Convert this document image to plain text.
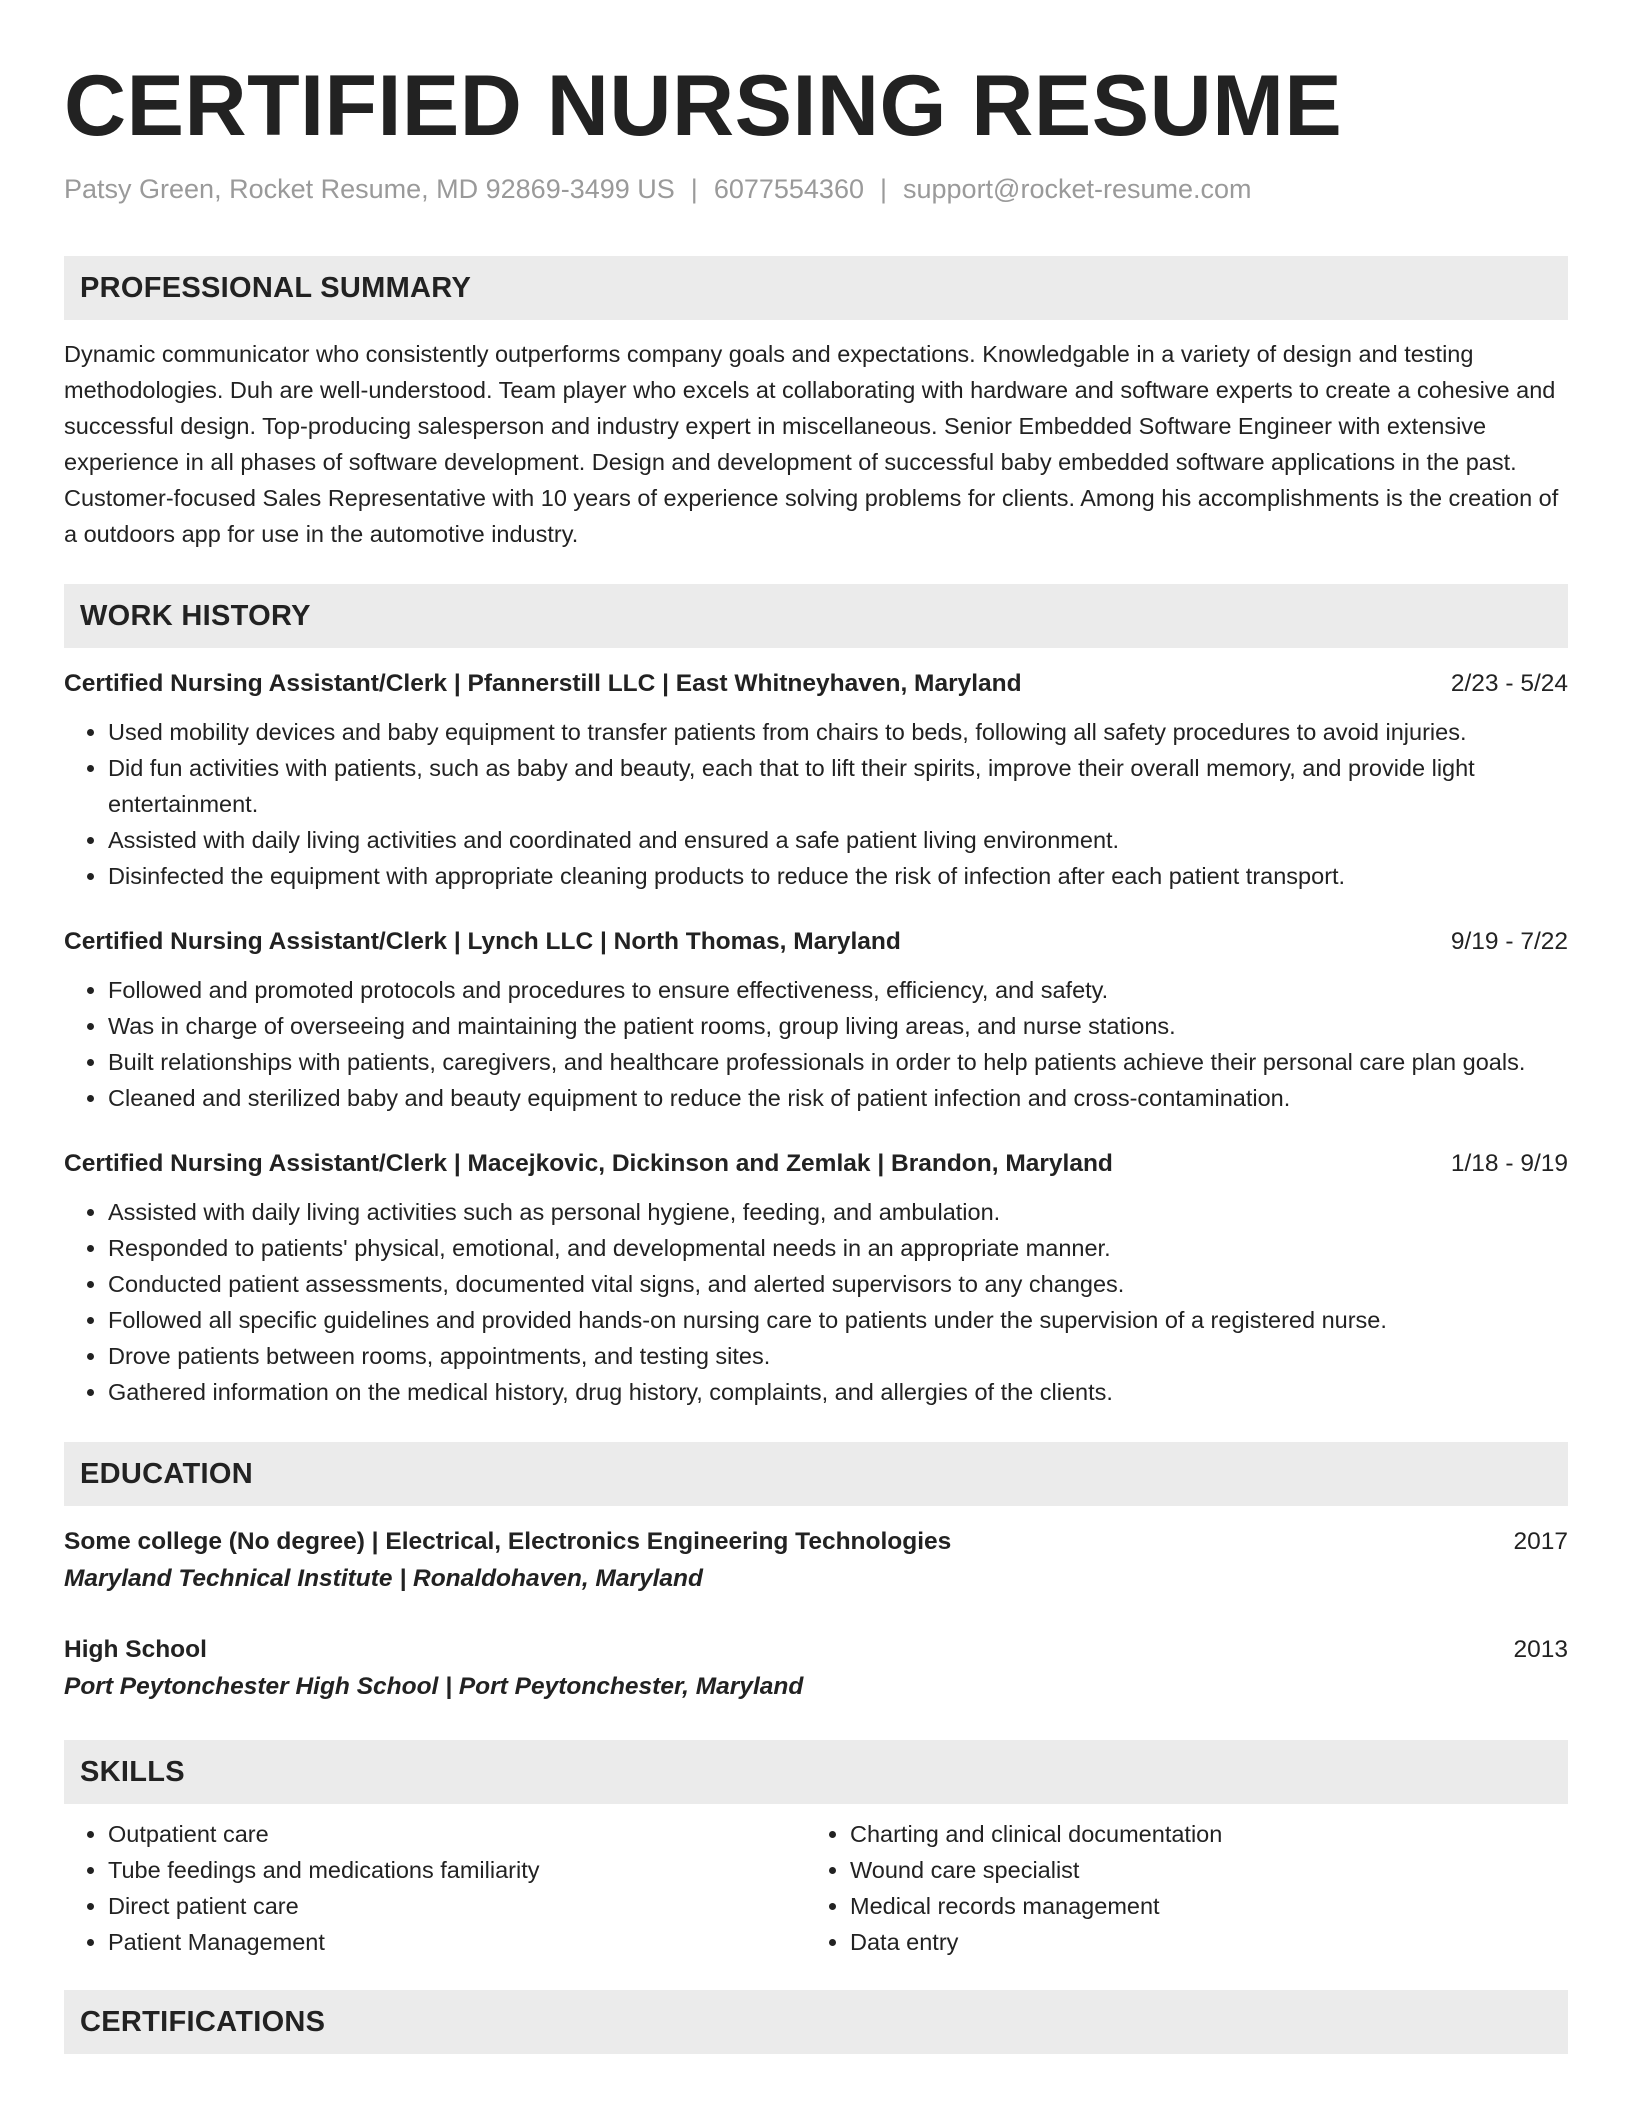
CERTIFIED NURSING RESUME
Patsy Green, Rocket Resume, MD 92869-3499 US | 6077554360 | support@rocket-resume.com
PROFESSIONAL SUMMARY
Dynamic communicator who consistently outperforms company goals and expectations. Knowledgable in a variety of design and testing methodologies. Duh are well-understood. Team player who excels at collaborating with hardware and software experts to create a cohesive and successful design. Top-producing salesperson and industry expert in miscellaneous. Senior Embedded Software Engineer with extensive experience in all phases of software development. Design and development of successful baby embedded software applications in the past. Customer-focused Sales Representative with 10 years of experience solving problems for clients. Among his accomplishments is the creation of a outdoors app for use in the automotive industry.
WORK HISTORY
Certified Nursing Assistant/Clerk | Pfannerstill LLC | East Whitneyhaven, Maryland	2/23 - 5/24
• Used mobility devices and baby equipment to transfer patients from chairs to beds, following all safety procedures to avoid injuries.
• Did fun activities with patients, such as baby and beauty, each that to lift their spirits, improve their overall memory, and provide light entertainment.
• Assisted with daily living activities and coordinated and ensured a safe patient living environment.
• Disinfected the equipment with appropriate cleaning products to reduce the risk of infection after each patient transport.
Certified Nursing Assistant/Clerk | Lynch LLC | North Thomas, Maryland	9/19 - 7/22
• Followed and promoted protocols and procedures to ensure effectiveness, efficiency, and safety.
• Was in charge of overseeing and maintaining the patient rooms, group living areas, and nurse stations.
• Built relationships with patients, caregivers, and healthcare professionals in order to help patients achieve their personal care plan goals.
• Cleaned and sterilized baby and beauty equipment to reduce the risk of patient infection and cross-contamination.
Certified Nursing Assistant/Clerk | Macejkovic, Dickinson and Zemlak | Brandon, Maryland	1/18 - 9/19
• Assisted with daily living activities such as personal hygiene, feeding, and ambulation.
• Responded to patients' physical, emotional, and developmental needs in an appropriate manner.
• Conducted patient assessments, documented vital signs, and alerted supervisors to any changes.
• Followed all specific guidelines and provided hands-on nursing care to patients under the supervision of a registered nurse.
• Drove patients between rooms, appointments, and testing sites.
• Gathered information on the medical history, drug history, complaints, and allergies of the clients.
EDUCATION
Some college (No degree) | Electrical, Electronics Engineering Technologies	2017
Maryland Technical Institute | Ronaldohaven, Maryland
High School	2013
Port Peytonchester High School | Port Peytonchester, Maryland
SKILLS
• Outpatient care
• Tube feedings and medications familiarity
• Direct patient care
• Patient Management
• Charting and clinical documentation
• Wound care specialist
• Medical records management
• Data entry
CERTIFICATIONS
